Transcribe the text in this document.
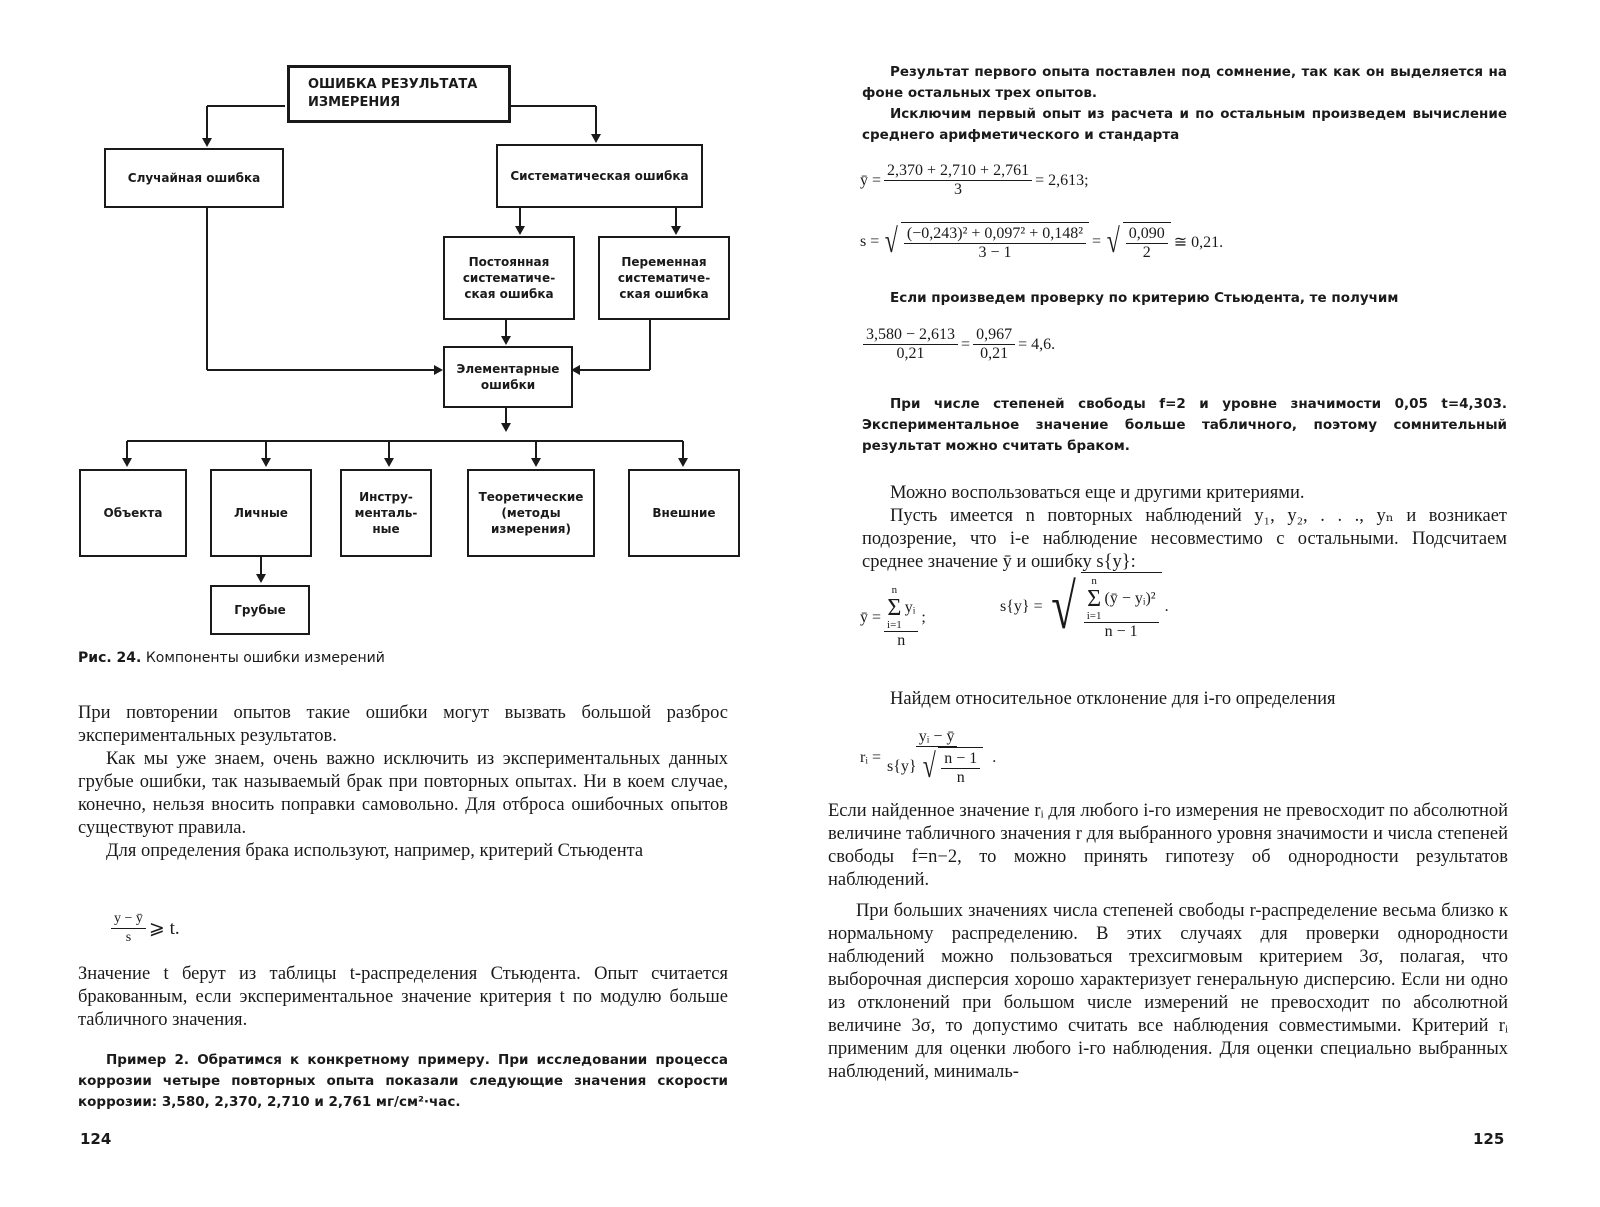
ОШИБКА РЕЗУЛЬТАТА ИЗМЕРЕНИЯ
Случайная ошибка	Систематическая ошибка
Постоянная систематиче-ская ошибка
Переменная систематиче-ская ошибка
Элементарные ошибки
Объекта	Личные
Инстру-менталь-ные
Теоретические (методы измерения)
Внешние
Грубые
Рис. 24. Компоненты ошибки измерений

При повторении опытов такие ошибки могут вызвать большой разброс экспериментальных результатов.

Как мы уже знаем, очень важно исключить из экспериментальных данных грубые ошибки, так называемый брак при повторных опытах. Ни в коем случае, конечно, нельзя вносить поправки самовольно. Для отброса ошибочных опытов существуют правила.

Для определения брака используют, например, критерий Стьюдента

$\frac{y - ȳ}{s}$ ⩾ t.

Значение t берут из таблицы t-распределения Стьюдента. Опыт считается бракованным, если экспериментальное значение критерия t по модулю больше табличного значения.

Пример 2. Обратимся к конкретному примеру. При исследовании процесса коррозии четыре повторных опыта показали следующие значения скорости коррозии: 3,580, 2,370, 2,710 и 2,761 мг/см²·час.
124

Результат первого опыта поставлен под сомнение, так как он выделяется на фоне остальных трех опытов.

Исключим первый опыт из расчета и по остальным произведем вычисление среднего арифметического и стандарта

ȳ = $\frac{2,370 + 2,710 + 2,761}{3} = 2,613$;
s = √ $\frac{\text{(−0,243)² + 0,097² + 0,148²}}{3 - 1}$ = √ $\frac{0,090}{2}$ ≅ 0,21.
Если произведем проверку по критерию Стьюдента, те получим
$\frac{3,580 - 2,613}{0,21} = \frac{0,967}{0,21} = 4,6$.
При числе степеней свободы f=2 и уровне значимости 0,05 t=4,303. Экспериментальное значение больше табличного, поэтому сомнительный результат можно считать браком.

Можно воспользоваться еще и другими критериями.

Пусть имеется n повторных наблюдений y₁, y₂, . . ., yₙ и возникает подозрение, что i-е наблюдение несовместимо с остальными. Подсчитаем среднее значение ȳ и ошибку s{y}:

ȳ = n
Σ
i=1
yᵢ
n ;
s{y} = √ n
Σ
i=1
(ȳ − yᵢ)²
n − 1 .

Найдем относительное отклонение для i-го определения

rᵢ = $\frac{\text{yᵢ − ȳ}}{s\{y\} √ \frac{n - 1}{n}}$ .

Если найденное значение rᵢ для любого i-го измерения не превосходит по абсолютной величине табличного значения r для выбранного уровня значимости и числа степеней свободы f=n−2, то можно принять гипотезу об однородности результатов наблюдений.

При больших значениях числа степеней свободы r-распределение весьма близко к нормальному распределению. В этих случаях для проверки однородности наблюдений можно пользоваться трехсигмовым критерием 3σ, полагая, что выборочная дисперсия хорошо характеризует генеральную дисперсию. Если ни одно из отклонений при большом числе измерений не превосходит по абсолютной величине 3σ, то допустимо считать все наблюдения совместимыми. Критерий rᵢ применим для оценки любого i-го наблюдения. Для оценки специально выбранных наблюдений, минималь-

125
